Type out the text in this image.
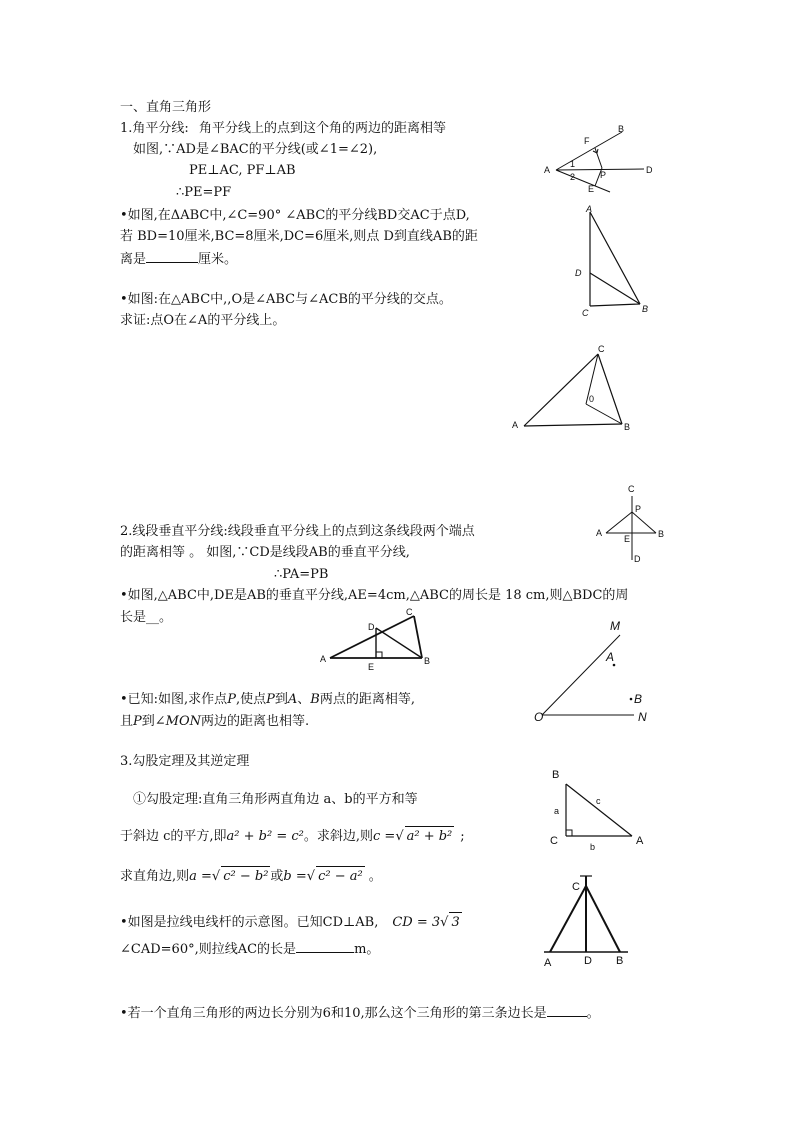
一、直角三角形
1.角平分线: 角平分线上的点到这个角的两边的距离相等
如图,∵AD是∠BAC的平分线(或∠1=∠2),
PE⊥AC, PF⊥AB
∴PE=PF
•如图,在ΔABC中,∠C=90° ∠ABC的平分线BD交AC于点D,
若 BD=10厘米,BC=8厘米,DC=6厘米,则点 D到直线AB的距
离是	厘米。
•如图:在△ABC中,,O是∠ABC与∠ACB的平分线的交点。
求证:点O在∠A的平分线上。
A
B
D
F
P
E
1
2
A
D
C	B
C
0
A	B
2.线段垂直平分线:线段垂直平分线上的点到这条线段两个端点
的距离相等 。 如图,∵CD是线段AB的垂直平分线,
∴PA=PB
•如图,△ABC中,DE是AB的垂直平分线,AE=4cm,△ABC的周长是 18 cm,则△BDC的周
长是__。
•已知:如图,求作点P,使点P到A、B两点的距离相等,
且P到∠MON两边的距离也相等.
C
P
A	B
E
D
C
D
A
E
B
M
A
B
O	N
3.勾股定理及其逆定理
①勾股定理:直角三角形两直角边 a、b的平方和等
于斜边 c的平方,即a² + b² = c²。求斜边,则c =√ a² + b² ;
求直角边,则a =√ c² − b² 或b =√ c² − a² 。
•如图是拉线电线杆的示意图。已知CD⊥AB, CD = 3√ 3
∠CAD=60°,则拉线AC的长是	m。
•若一个直角三角形的两边长分别为6和10,那么这个三角形的第三条边长是	。
B
a
c
C	b	A
C
A	D B
